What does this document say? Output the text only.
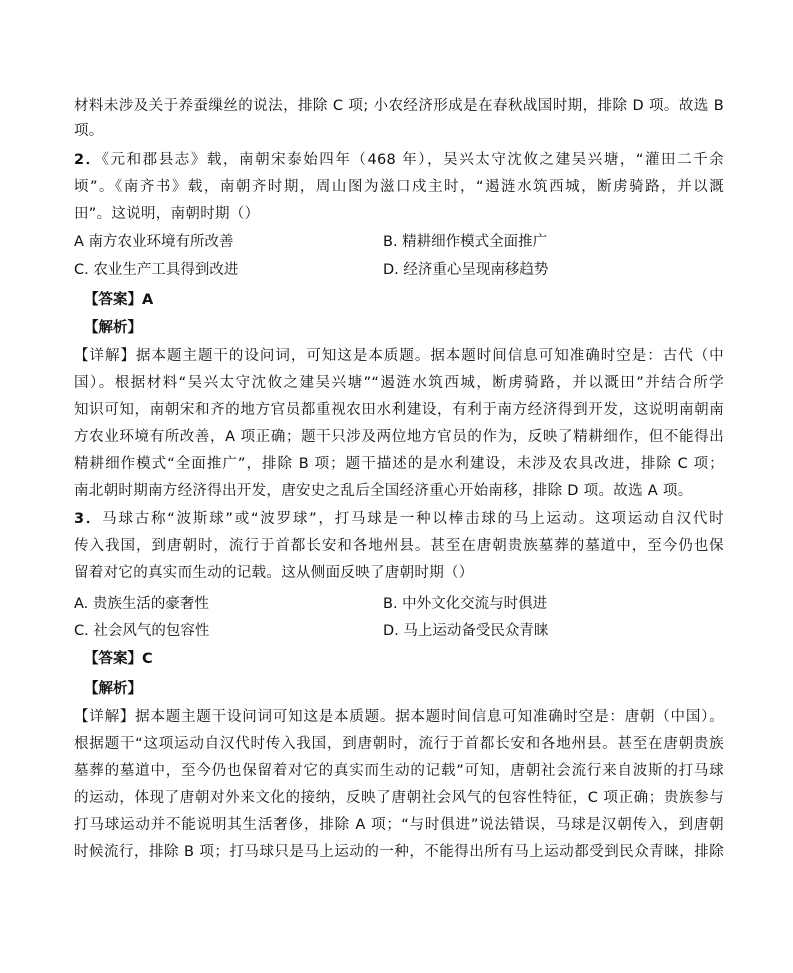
材料未涉及关于养蚕缫丝的说法，排除 C 项; 小农经济形成是在春秋战国时期，排除 D 项。故选 B
项。
2．《元和郡县志》载，南朝宋泰始四年（468 年），吴兴太守沈攸之建吴兴塘，“灌田二千余
顷”。《南齐书》载，南朝齐时期，周山图为滋口戍主时，“遏涟水筑西城，断虏骑路，并以溉
田”。这说明，南朝时期（）
A 南方农业环境有所改善	B. 精耕细作模式全面推广
C. 农业生产工具得到改进	D. 经济重心呈现南移趋势
【答案】A
【解析】
【详解】据本题主题干的设问词，可知这是本质题。据本题时间信息可知准确时空是：古代（中
国）。根据材料“吴兴太守沈攸之建吴兴塘”“遏涟水筑西城，断虏骑路，并以溉田”并结合所学
知识可知，南朝宋和齐的地方官员都重视农田水利建设，有利于南方经济得到开发，这说明南朝南
方农业环境有所改善，A 项正确；题干只涉及两位地方官员的作为，反映了精耕细作，但不能得出
精耕细作模式“全面推广”，排除 B 项；题干描述的是水利建设，未涉及农具改进，排除 C 项；
南北朝时期南方经济得出开发，唐安史之乱后全国经济重心开始南移，排除 D 项。故选 A 项。
3．马球古称“波斯球”或“波罗球”，打马球是一种以棒击球的马上运动。这项运动自汉代时
传入我国，到唐朝时，流行于首都长安和各地州县。甚至在唐朝贵族墓葬的墓道中，至今仍也保
留着对它的真实而生动的记载。这从侧面反映了唐朝时期（）
A. 贵族生活的豪奢性	B. 中外文化交流与时俱进
C. 社会风气的包容性	D. 马上运动备受民众青睐
【答案】C
【解析】
【详解】据本题主题干设问词可知这是本质题。据本题时间信息可知准确时空是：唐朝（中国）。
根据题干“这项运动自汉代时传入我国，到唐朝时，流行于首都长安和各地州县。甚至在唐朝贵族
墓葬的墓道中，至今仍也保留着对它的真实而生动的记载”可知，唐朝社会流行来自波斯的打马球
的运动，体现了唐朝对外来文化的接纳，反映了唐朝社会风气的包容性特征，C 项正确；贵族参与
打马球运动并不能说明其生活奢侈，排除 A 项；“与时俱进”说法错误，马球是汉朝传入，到唐朝
时候流行，排除 B 项；打马球只是马上运动的一种，不能得出所有马上运动都受到民众青睐，排除
